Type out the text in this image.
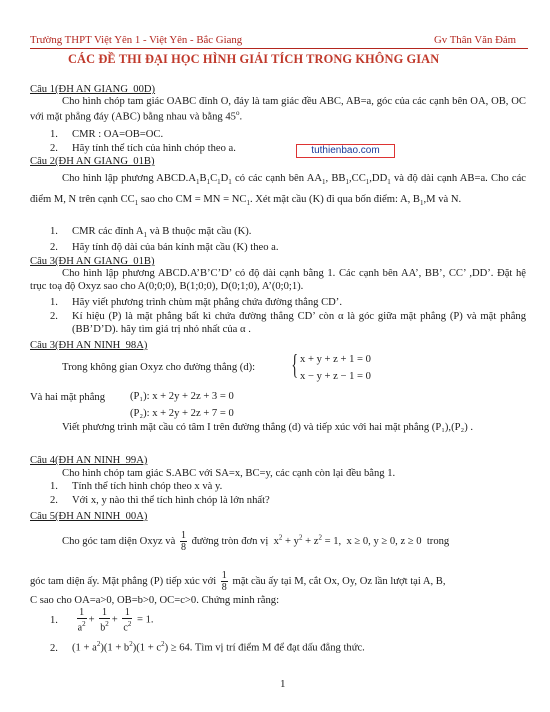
Trường THPT Việt Yên 1 - Việt Yên - Bắc Giang	Gv Thân Văn Đảm
CÁC ĐỀ THI ĐẠI HỌC HÌNH GIẢI TÍCH TRONG KHÔNG GIAN
Câu 1(ĐH AN GIANG_00D)
Cho hình chóp tam giác OABC đỉnh O, đáy là tam giác đều ABC, AB=a, góc của các cạnh bên OA, OB, OC với mặt phẳng đáy (ABC) bằng nhau và bằng 45$^o$.
1. CMR : OA=OB=OC.
2. Hãy tính thể tích của hình chóp theo a.	tuthienbao.com
Câu 2(ĐH AN GIANG_01B)
Cho hình lập phương $ABCD.A_1B_1C_1D_1$ có các cạnh bên $AA_1$, $BB_1,CC_1,DD_1$ và độ dài cạnh AB=a. Cho các điểm M, N trên cạnh $CC_1$ sao cho CM = MN = $NC_1$. Xét mặt cầu (K) đi qua bốn điểm: A, $B_1,M$ và N.
1. CMR các đỉnh $A_1$ và B thuộc mặt cầu (K).
2. Hãy tính độ dài của bán kính mặt cầu (K) theo a.
Câu 3(ĐH AN GIANG_01B)
Cho hình lập phương ABCD.A’B’C’D’ có độ dài cạnh bằng 1. Các cạnh bên AA’, BB’, CC’ ,DD’. Đặt hệ trục toạ độ Oxyz sao cho A(0;0;0), B(1;0;0), D(0;1;0), A’(0;0;1).
1. Hãy viết phương trình chùm mặt phẳng chứa đường thẳng CD’.
2. Kí hiệu (P) là mặt phẳng bất kì chứa đường thẳng CD’ còn α là góc giữa mặt phẳng (P) và mặt phẳng (BB’D’D). hãy tìm giá trị nhỏ nhất của α .
Câu 3(ĐH AN NINH_98A)
Trong không gian Oxyz cho đường thẳng (d): { x + y + z + 1 = 0
x − y + z − 1 = 0
Và hai mặt phẳng (P₁): x + 2y + 2z + 3 = 0
(P₂): x + 2y + 2z + 7 = 0
Viết phương trình mặt cầu có tâm I trên đường thẳng (d) và tiếp xúc với hai mặt phẳng (P₁),(P₂) .
Câu 4(ĐH AN NINH_99A)
Cho hình chóp tam giác S.ABC với SA=x, BC=y, các cạnh còn lại đều bằng 1.
1. Tính thể tích hình chóp theo x và y.
2. Với x, y nào thì thể tích hình chóp là lớn nhất?
Câu 5(ĐH AN NINH_00A)
Cho góc tam diện Oxyz và $\frac{1}{8}$ đường tròn đơn vị  $x^2 + y^2 + z^2 = 1$,  x ≥ 0, y ≥ 0, z ≥ 0  trong
góc tam diện ấy. Mặt phẳng (P) tiếp xúc với $\frac{1}{8}$ mặt cầu ấy tại M, cắt Ox, Oy, Oz lần lượt tại A, B,
C sao cho OA=a>0, OB=b>0, OC=c>0. Chứng minh rằng:
1. $\frac{1}{a^2} + \frac{1}{b^2} + \frac{1}{c^2} = 1$.
2. $(1 + a^2)(1 + b^2)(1 + c^2) \ge 64$. Tìm vị trí điểm M để đạt dấu đẳng thức.
1
